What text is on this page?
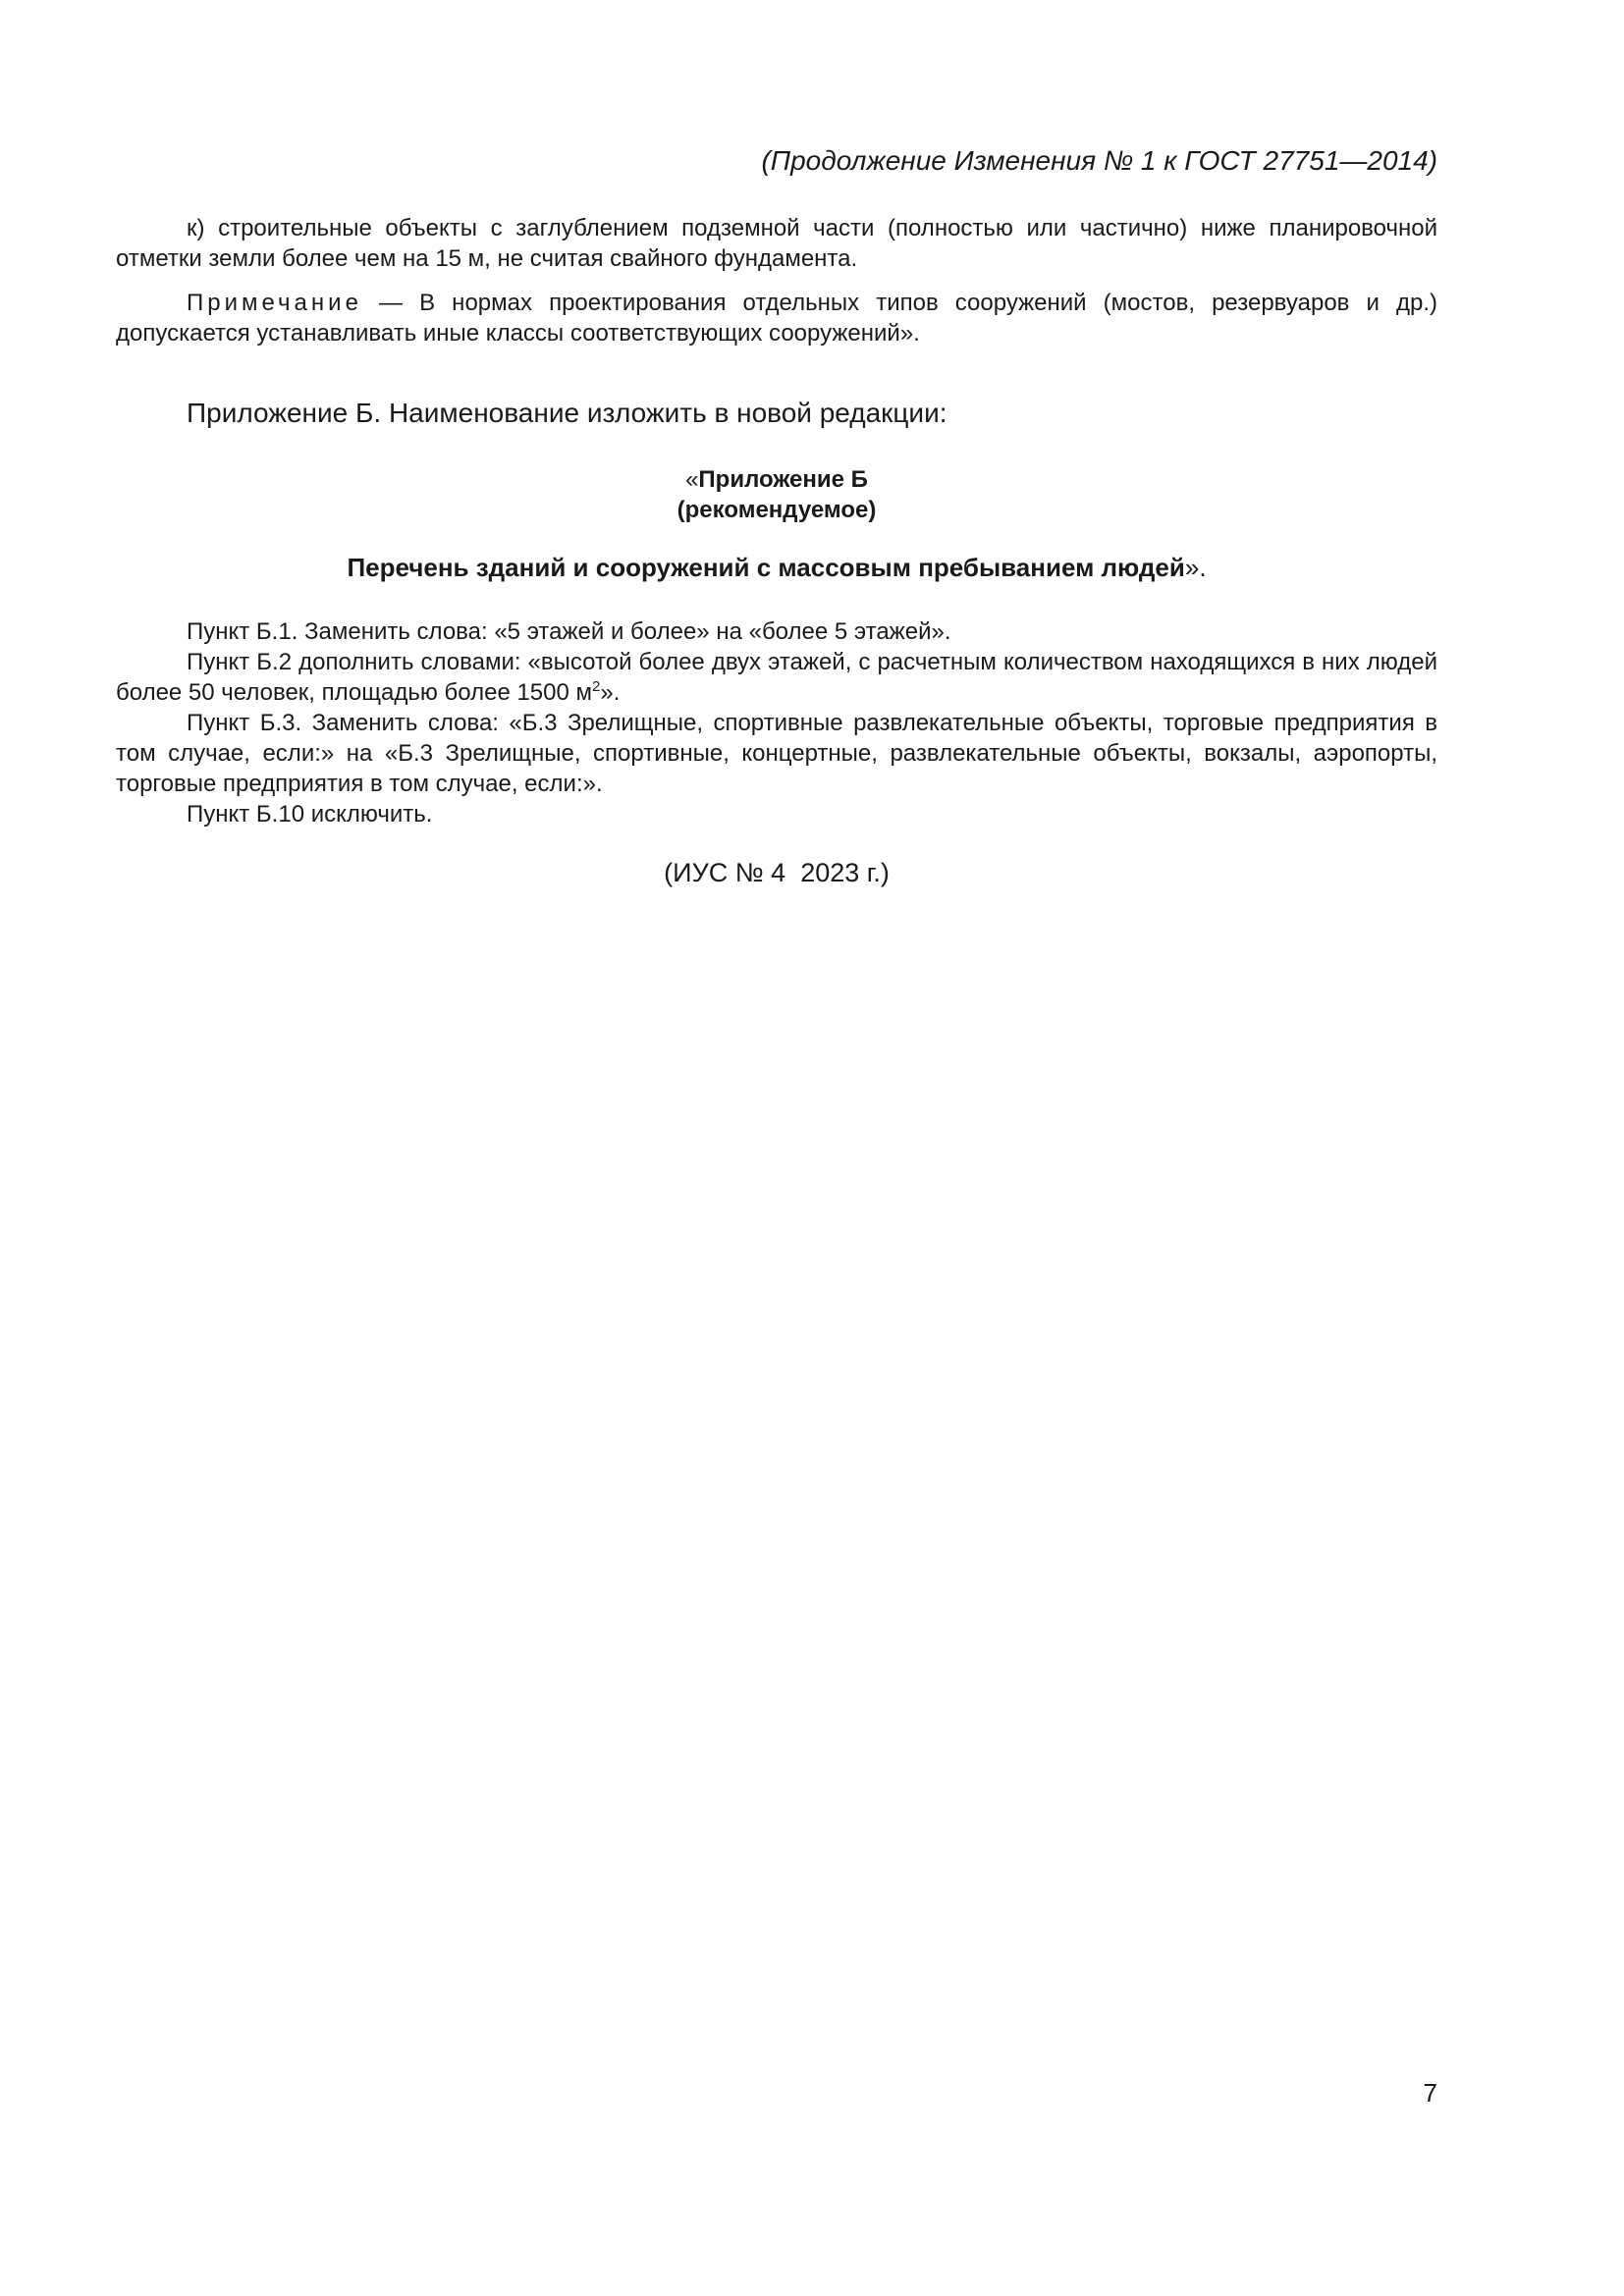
(Продолжение Изменения № 1 к ГОСТ 27751—2014)

к) строительные объекты с заглублением подземной части (полностью или частично) ниже планировочной отметки земли более чем на 15 м, не считая свайного фундамента.

Примечание — В нормах проектирования отдельных типов сооружений (мостов, резервуаров и др.) допускается устанавливать иные классы соответствующих сооружений».

Приложение Б. Наименование изложить в новой редакции:

«Приложение Б

(рекомендуемое)

Перечень зданий и сооружений с массовым пребыванием людей».

Пункт Б.1. Заменить слова: «5 этажей и более» на «более 5 этажей».

Пункт Б.2 дополнить словами: «высотой более двух этажей, с расчетным количеством находящихся в них людей более 50 человек, площадью более 1500 $м^2$».

Пункт Б.3. Заменить слова: «Б.3 Зрелищные, спортивные развлекательные объекты, торговые предприятия в том случае, если:» на «Б.3 Зрелищные, спортивные, концертные, развлекательные объекты, вокзалы, аэропорты, торговые предприятия в том случае, если:».

Пункт Б.10 исключить.

(ИУС № 4  2023 г.)

7
